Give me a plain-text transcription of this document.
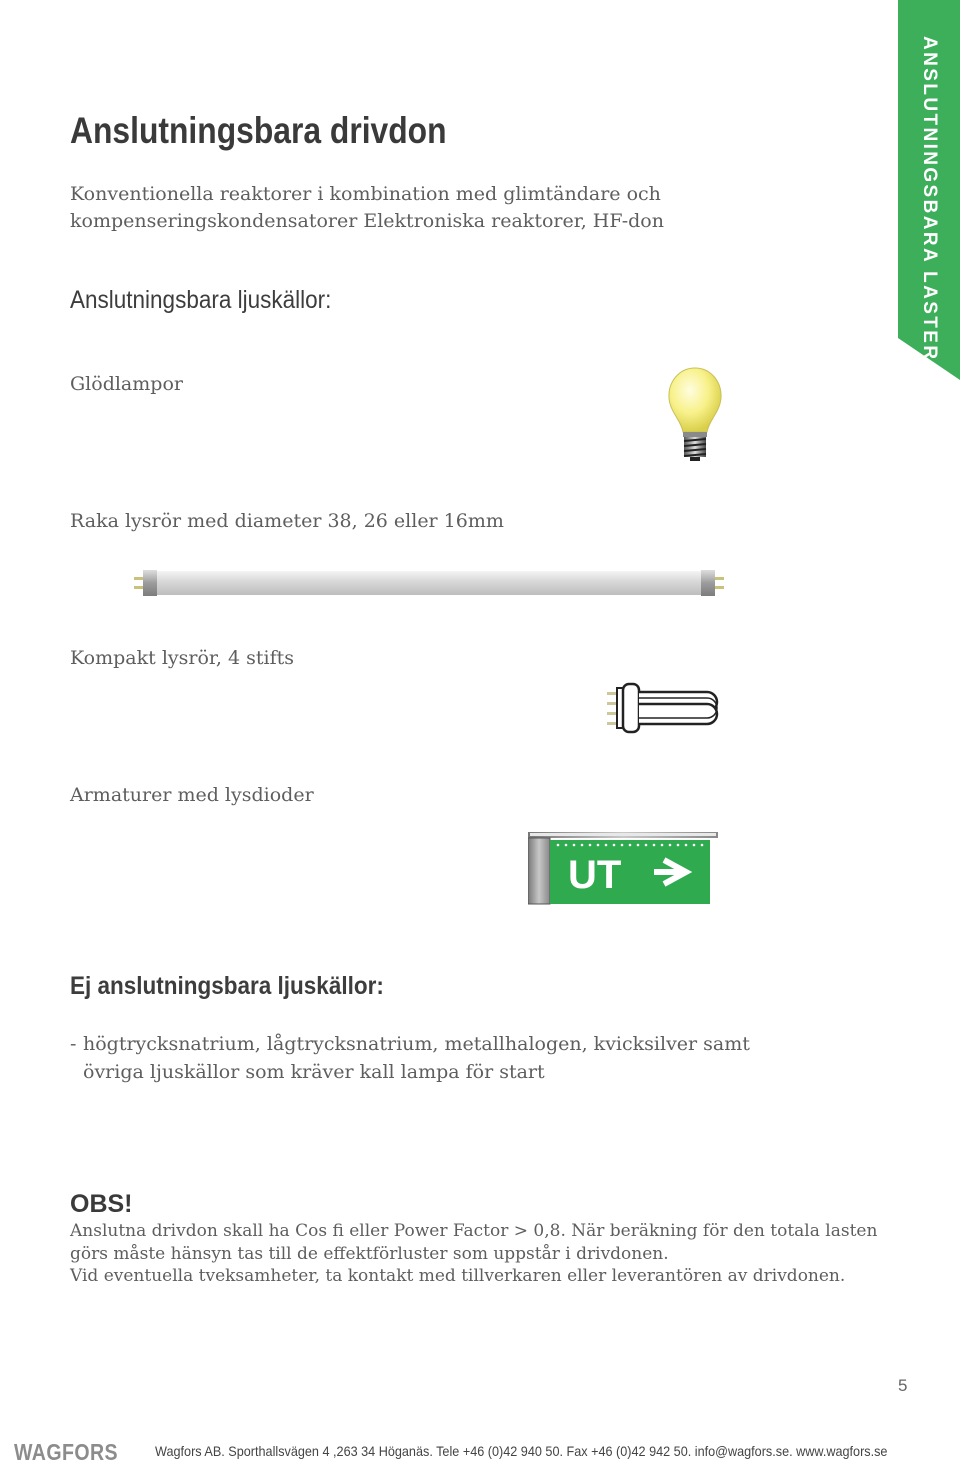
ANSLUTNINGSBARA LASTER
Anslutningsbara drivdon
Konventionella reaktorer i kombination med glimtändare och kompenseringskondensatorer Elektroniska reaktorer, HF-don
Anslutningsbara ljuskällor:
Glödlampor
Raka lysrör med diameter 38, 26 eller 16mm
Kompakt lysrör, 4 stifts
Armaturer med lysdioder
UT
Ej anslutningsbara ljuskällor:
- högtrycksnatrium, lågtrycksnatrium, metallhalogen, kvicksilver samt övriga ljuskällor som kräver kall lampa för start
OBS!
Anslutna drivdon skall ha Cos fi eller Power Factor > 0,8. När beräkning för den totala lasten
görs måste hänsyn tas till de effektförluster som uppstår i drivdonen.
Vid eventuella tveksamheter, ta kontakt med tillverkaren eller leverantören av drivdonen.
5
WAGFORS	Wagfors AB. Sporthallsvägen 4 ,263 34 Höganäs. Tele +46 (0)42 940 50. Fax +46 (0)42 942 50. info@wagfors.se. www.wagfors.se
